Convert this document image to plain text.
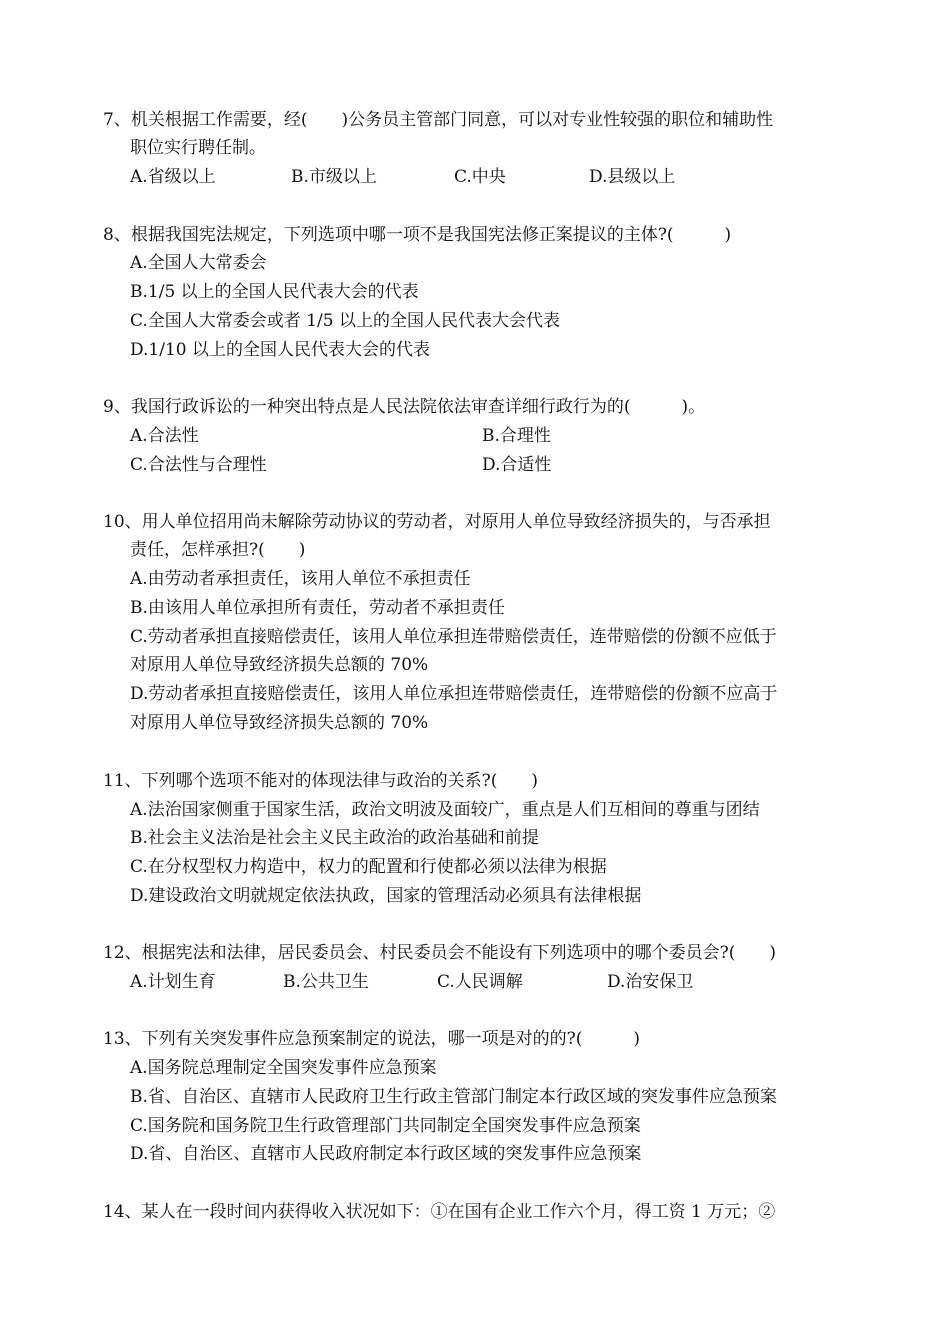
7、机关根据工作需要，经(　　)公务员主管部门同意，可以对专业性较强的职位和辅助性
职位实行聘任制。
A.省级以上	B.市级以上	C.中央	D.县级以上
8、根据我国宪法规定，下列选项中哪一项不是我国宪法修正案提议的主体?(　　　)
A.全国人大常委会
B.1/5 以上的全国人民代表大会的代表
C.全国人大常委会或者 1/5 以上的全国人民代表大会代表
D.1/10 以上的全国人民代表大会的代表
9、我国行政诉讼的一种突出特点是人民法院依法审查详细行政行为的(　　　)。
A.合法性	B.合理性
C.合法性与合理性	D.合适性
10、用人单位招用尚未解除劳动协议的劳动者，对原用人单位导致经济损失的，与否承担
责任，怎样承担?(　　)
A.由劳动者承担责任，该用人单位不承担责任
B.由该用人单位承担所有责任，劳动者不承担责任
C.劳动者承担直接赔偿责任，该用人单位承担连带赔偿责任，连带赔偿的份额不应低于
对原用人单位导致经济损失总额的 70%
D.劳动者承担直接赔偿责任，该用人单位承担连带赔偿责任，连带赔偿的份额不应高于
对原用人单位导致经济损失总额的 70%
11、下列哪个选项不能对的体现法律与政治的关系?(　　)
A.法治国家侧重于国家生活，政治文明波及面较广，重点是人们互相间的尊重与团结
B.社会主义法治是社会主义民主政治的政治基础和前提
C.在分权型权力构造中，权力的配置和行使都必须以法律为根据
D.建设政治文明就规定依法执政，国家的管理活动必须具有法律根据
12、根据宪法和法律，居民委员会、村民委员会不能设有下列选项中的哪个委员会?(　　)
A.计划生育	B.公共卫生	C.人民调解	D.治安保卫
13、下列有关突发事件应急预案制定的说法，哪一项是对的的?(　　　)
A.国务院总理制定全国突发事件应急预案
B.省、自治区、直辖市人民政府卫生行政主管部门制定本行政区域的突发事件应急预案
C.国务院和国务院卫生行政管理部门共同制定全国突发事件应急预案
D.省、自治区、直辖市人民政府制定本行政区域的突发事件应急预案
14、某人在一段时间内获得收入状况如下：①在国有企业工作六个月，得工资 1 万元；②
